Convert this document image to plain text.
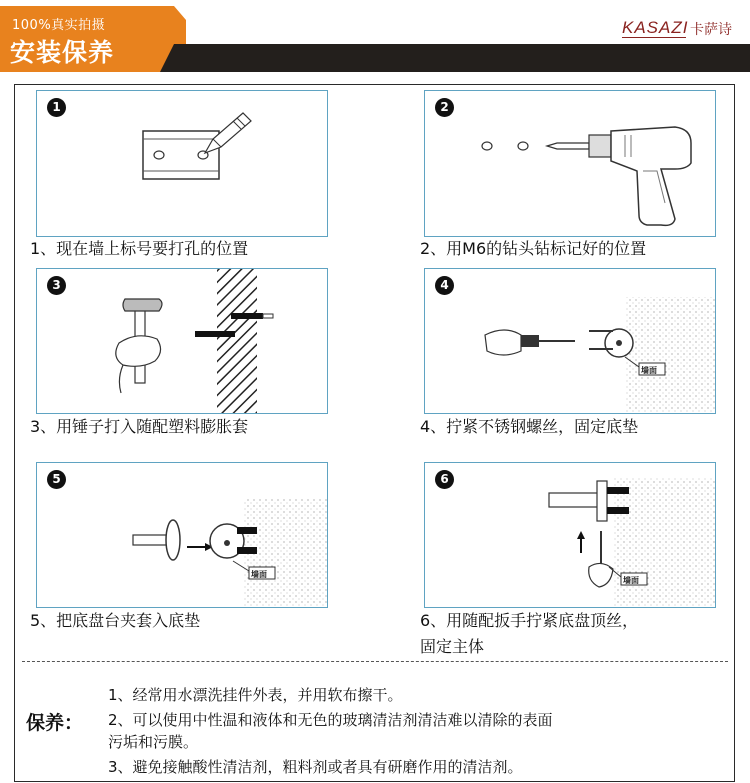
100%真实拍摄
安装保养
KASAZI 卡萨诗
1
1、现在墙上标号要打孔的位置
2
2、用M6的钻头钻标记好的位置
3
3、用锤子打入随配塑料膨胀套
4
墙面
4、拧紧不锈钢螺丝，固定底垫
5
墙面
5、把底盘台夹套入底垫
6
墙面
6、用随配扳手拧紧底盘顶丝，
固定主体
保养：
1、经常用水漂洗挂件外表，并用软布擦干。
2、可以使用中性温和液体和无色的玻璃清洁剂清洁难以清除的表面
污垢和污膜。
3、避免接触酸性清洁剂，粗料剂或者具有研磨作用的清洁剂。
